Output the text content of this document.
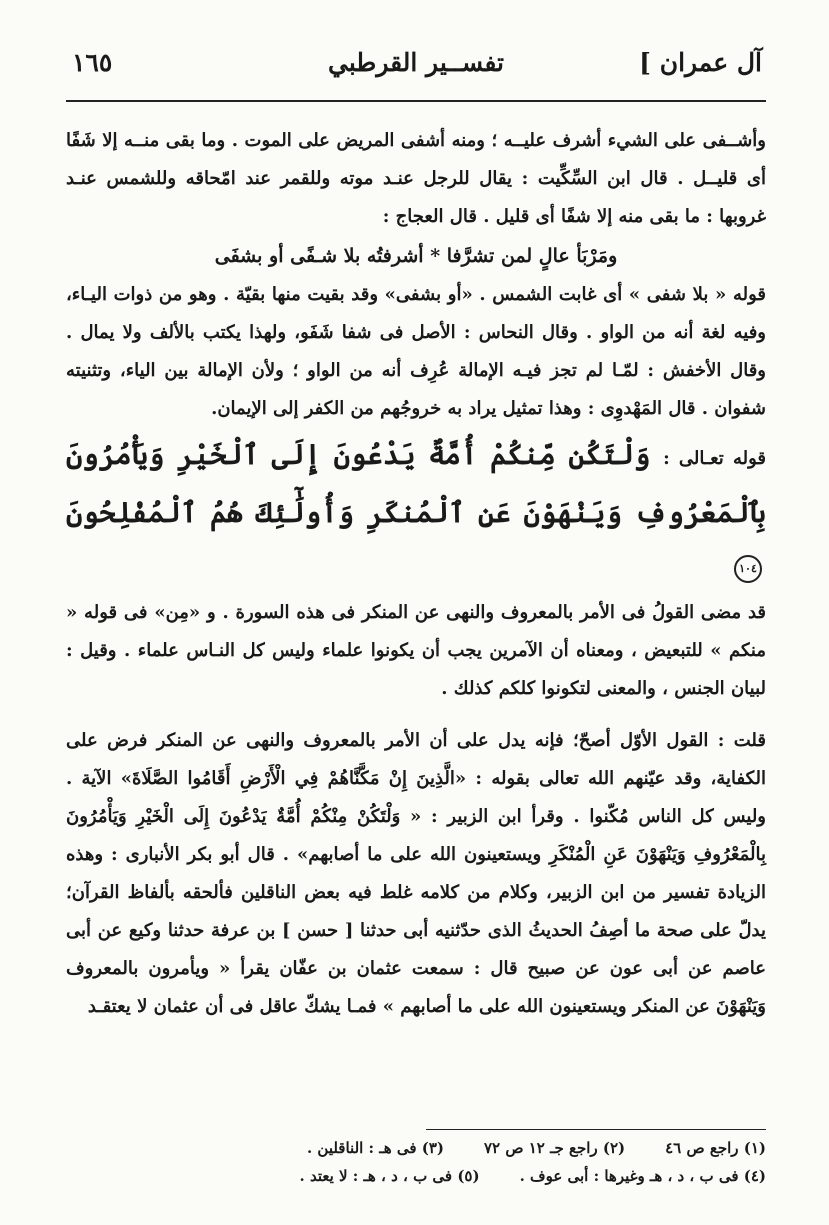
آل عمران ]
تفســير القرطبي
١٦٥

وأشــفى على الشيء أشرف عليــه ؛ ومنه أشفى المريض على الموت . وما بقى منــه إلا شَفًا أى قليــل . قال ابن السِّكِّيت : يقال للرجل عنـد موته وللقمر عند امّحاقه وللشمس عنـد غروبها : ما بقى منه إلا شفًا أى قليل . قال العجاج :

ومَرْبَأ عالٍ لمن تشرَّفا * أشرفتُه بلا شـفًى أو بشفَى

قوله « بلا شفى » أى غابت الشمس . «أو بشفى» وقد بقيت منها بقيّة . وهو من ذوات اليـاء، وفيه لغة أنه من الواو . وقال النحاس : الأصل فى شفا شَفَو، ولهذا يكتب بالألف ولا يمال . وقال الأخفش : لمّـا لم تجز فيـه الإمالة عُرِف أنه من الواو ؛ ولأن الإمالة بين الياء، وتثنيته شفوان . قال المَهْدوِى : وهذا تمثيل يراد به خروجُهم من الكفر إلى الإيمان.

قوله تعـالى : وَلْتَكُن مِّنكُمْ أُمَّةٌ يَدْعُونَ إِلَى ٱلْخَيْرِ وَيَأْمُرُونَ بِٱلْمَعْرُوفِ وَيَنْهَوْنَ عَنِ ٱلْمُنكَرِ وَأُولَٰٓئِكَ هُمُ ٱلْمُفْلِحُونَ ١٠٤

قد مضى القولُ فى الأمر بالمعروف والنهى عن المنكر فى هذه السورة . و «مِن» فى قوله « منكم » للتبعيض ، ومعناه أن الآمرين يجب أن يكونوا علماء وليس كل النـاس علماء . وقيل : لبيان الجنس ، والمعنى لتكونوا كلكم كذلك .

قلت : القول الأوّل أصحّ؛ فإنه يدل على أن الأمر بالمعروف والنهى عن المنكر فرض على الكفاية، وقد عيّنهم الله تعالى بقوله : «الَّذِينَ إِنْ مَكَّنَّاهُمْ فِي الْأَرْضِ أَقَامُوا الصَّلَاةَ» الآية . وليس كل الناس مُكّنوا . وقرأ ابن الزبير : « وَلْتَكُنْ مِنْكُمْ أُمَّةٌ يَدْعُونَ إِلَى الْخَيْرِ وَيَأْمُرُونَ بِالْمَعْرُوفِ وَيَنْهَوْنَ عَنِ الْمُنْكَرِ ويستعينون الله على ما أصابهم» . قال أبو بكر الأنبارى : وهذه الزيادة تفسير من ابن الزبير، وكلام من كلامه غلط فيه بعض الناقلين فألحقه بألفاظ القرآن؛ يدلّ على صحة ما أصِفُ الحديثُ الذى حدّثنيه أبى حدثنا [ حسن ] بن عرفة حدثنا وكيع عن أبى عاصم عن أبى عون عن صبيح قال : سمعت عثمان بن عفّان يقرأ « ويأمرون بالمعروف وَيَنْهَوْنَ عن المنكر ويستعينون الله على ما أصابهم » فمـا يشكّ عاقل فى أن عثمان لا يعتقـد

(١) راجع ص ٤٦
(٢) راجع جـ ١٢ ص ٧٢
(٣) فى هـ : الناقلين .
(٤) فى ب ، د ، هـ وغيرها : أبى عوف .
(٥) فى ب ، د ، هـ : لا يعتد .
